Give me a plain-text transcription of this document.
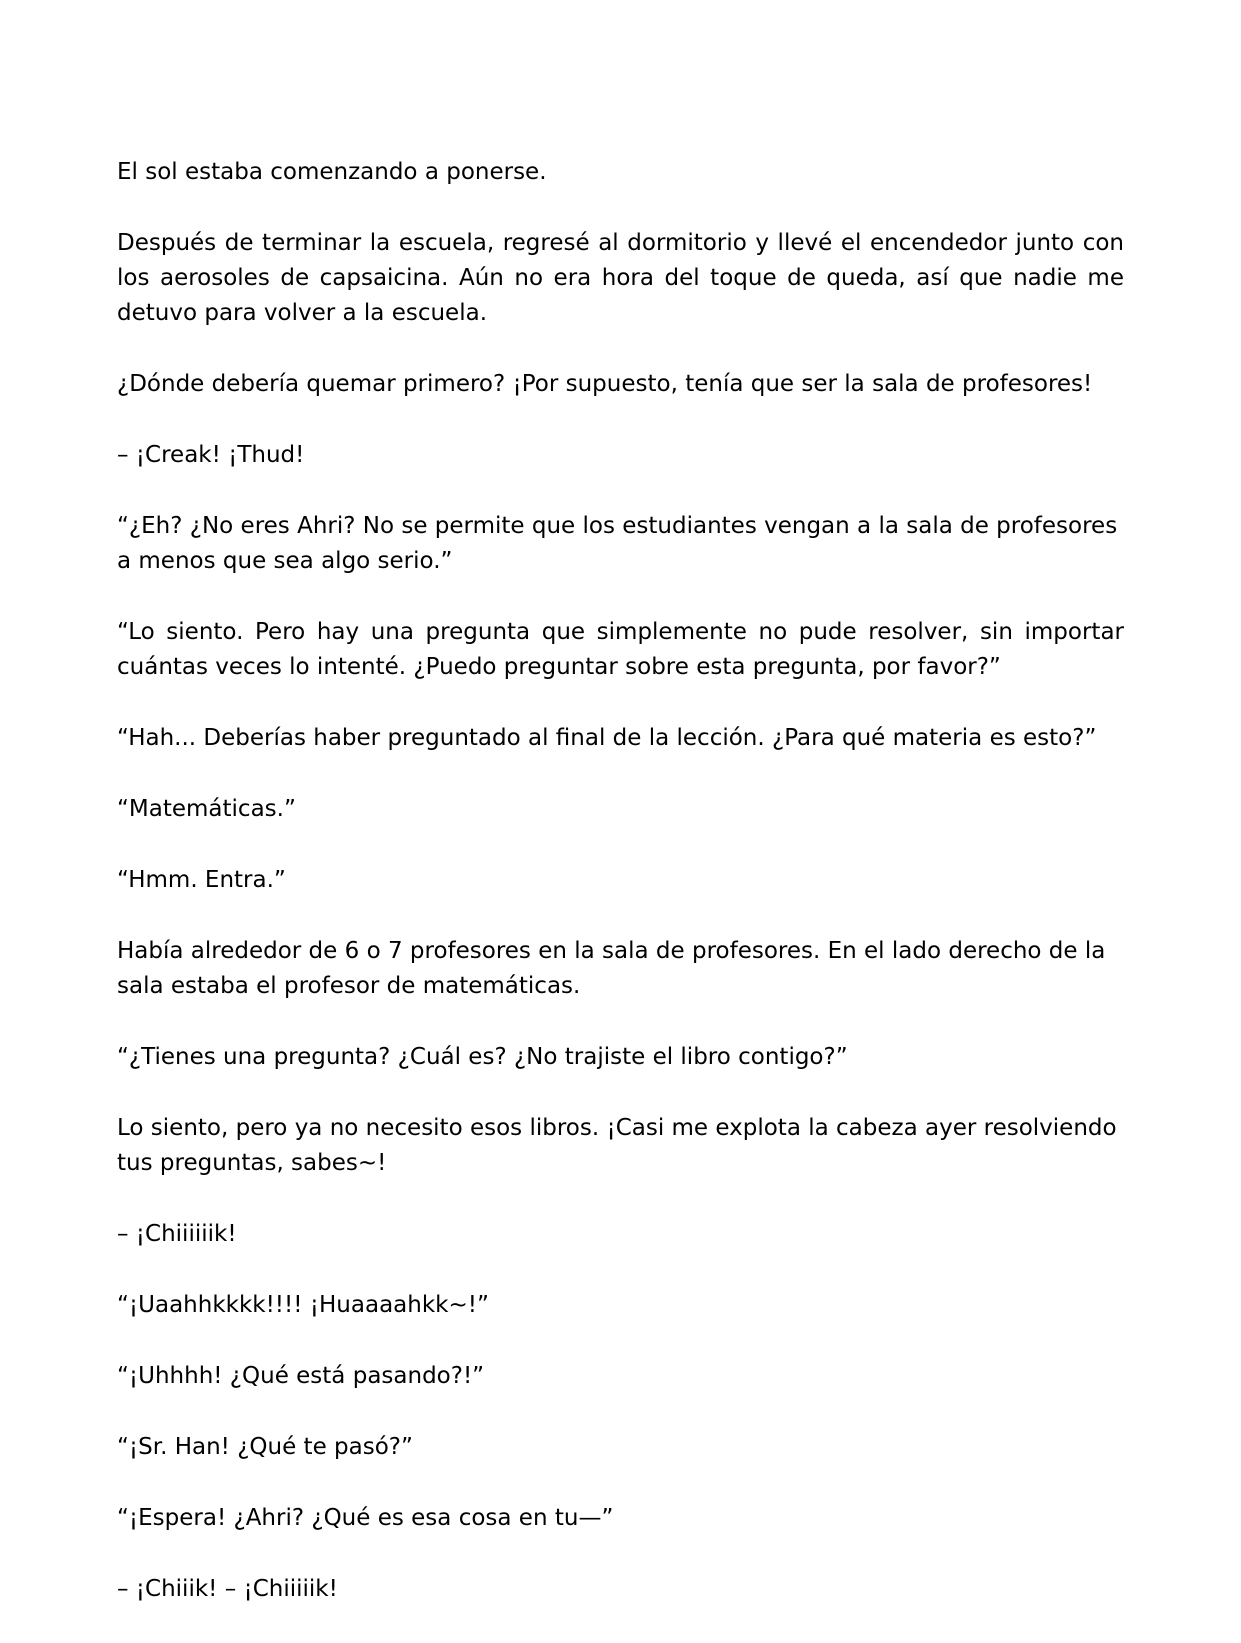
El sol estaba comenzando a ponerse.

Después de terminar la escuela, regresé al dormitorio y llevé el encendedor junto con los aerosoles de capsaicina. Aún no era hora del toque de queda, así que nadie me detuvo para volver a la escuela.

¿Dónde debería quemar primero? ¡Por supuesto, tenía que ser la sala de profesores!

– ¡Creak! ¡Thud!

“¿Eh? ¿No eres Ahri? No se permite que los estudiantes vengan a la sala de profesores a menos que sea algo serio.”

“Lo siento. Pero hay una pregunta que simplemente no pude resolver, sin importar cuántas veces lo intenté. ¿Puedo preguntar sobre esta pregunta, por favor?”

“Hah... Deberías haber preguntado al final de la lección. ¿Para qué materia es esto?”

“Matemáticas.”

“Hmm. Entra.”

Había alrededor de 6 o 7 profesores en la sala de profesores. En el lado derecho de la sala estaba el profesor de matemáticas.

“¿Tienes una pregunta? ¿Cuál es? ¿No trajiste el libro contigo?”

Lo siento, pero ya no necesito esos libros. ¡Casi me explota la cabeza ayer resolviendo tus preguntas, sabes~!

– ¡Chiiiiiik!

“¡Uaahhkkkk!!!! ¡Huaaaahkk~!”

“¡Uhhhh! ¿Qué está pasando?!”

“¡Sr. Han! ¿Qué te pasó?”

“¡Espera! ¿Ahri? ¿Qué es esa cosa en tu—”

– ¡Chiiik! – ¡Chiiiiik!
